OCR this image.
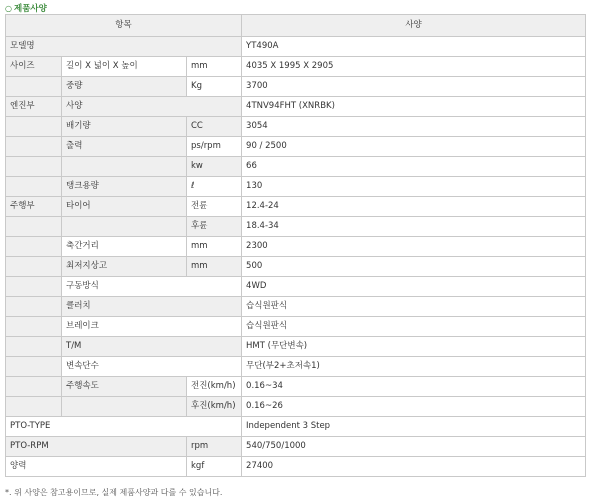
○ 제품사양
항목			사양
모델명			YT490A
사이즈	길이 X 넓이 X 높이	mm	4035 X 1995 X 2905
	중량	Kg	3700
엔진부	사양		4TNV94FHT (XNRBK)
	배기량	CC	3054
	출력	ps/rpm	90 / 2500
		kw	66
	탱크용량	ℓ	130
주행부	타이어	전륜	12.4-24
		후륜	18.4-34
	축간거리	mm	2300
	최저지상고	mm	500
	구동방식		4WD
	클러치		습식원판식
	브레이크		습식원판식
	T/M		HMT (무단변속)
	변속단수		무단(부2+초저속1)
	주행속도	전진(km/h)	0.16~34
		후진(km/h)	0.16~26
PTO-TYPE			Independent 3 Step
PTO-RPM		rpm	540/750/1000
양력		kgf	27400
*. 위 사양은 참고용이므로, 실제 제품사양과 다를 수 있습니다.
